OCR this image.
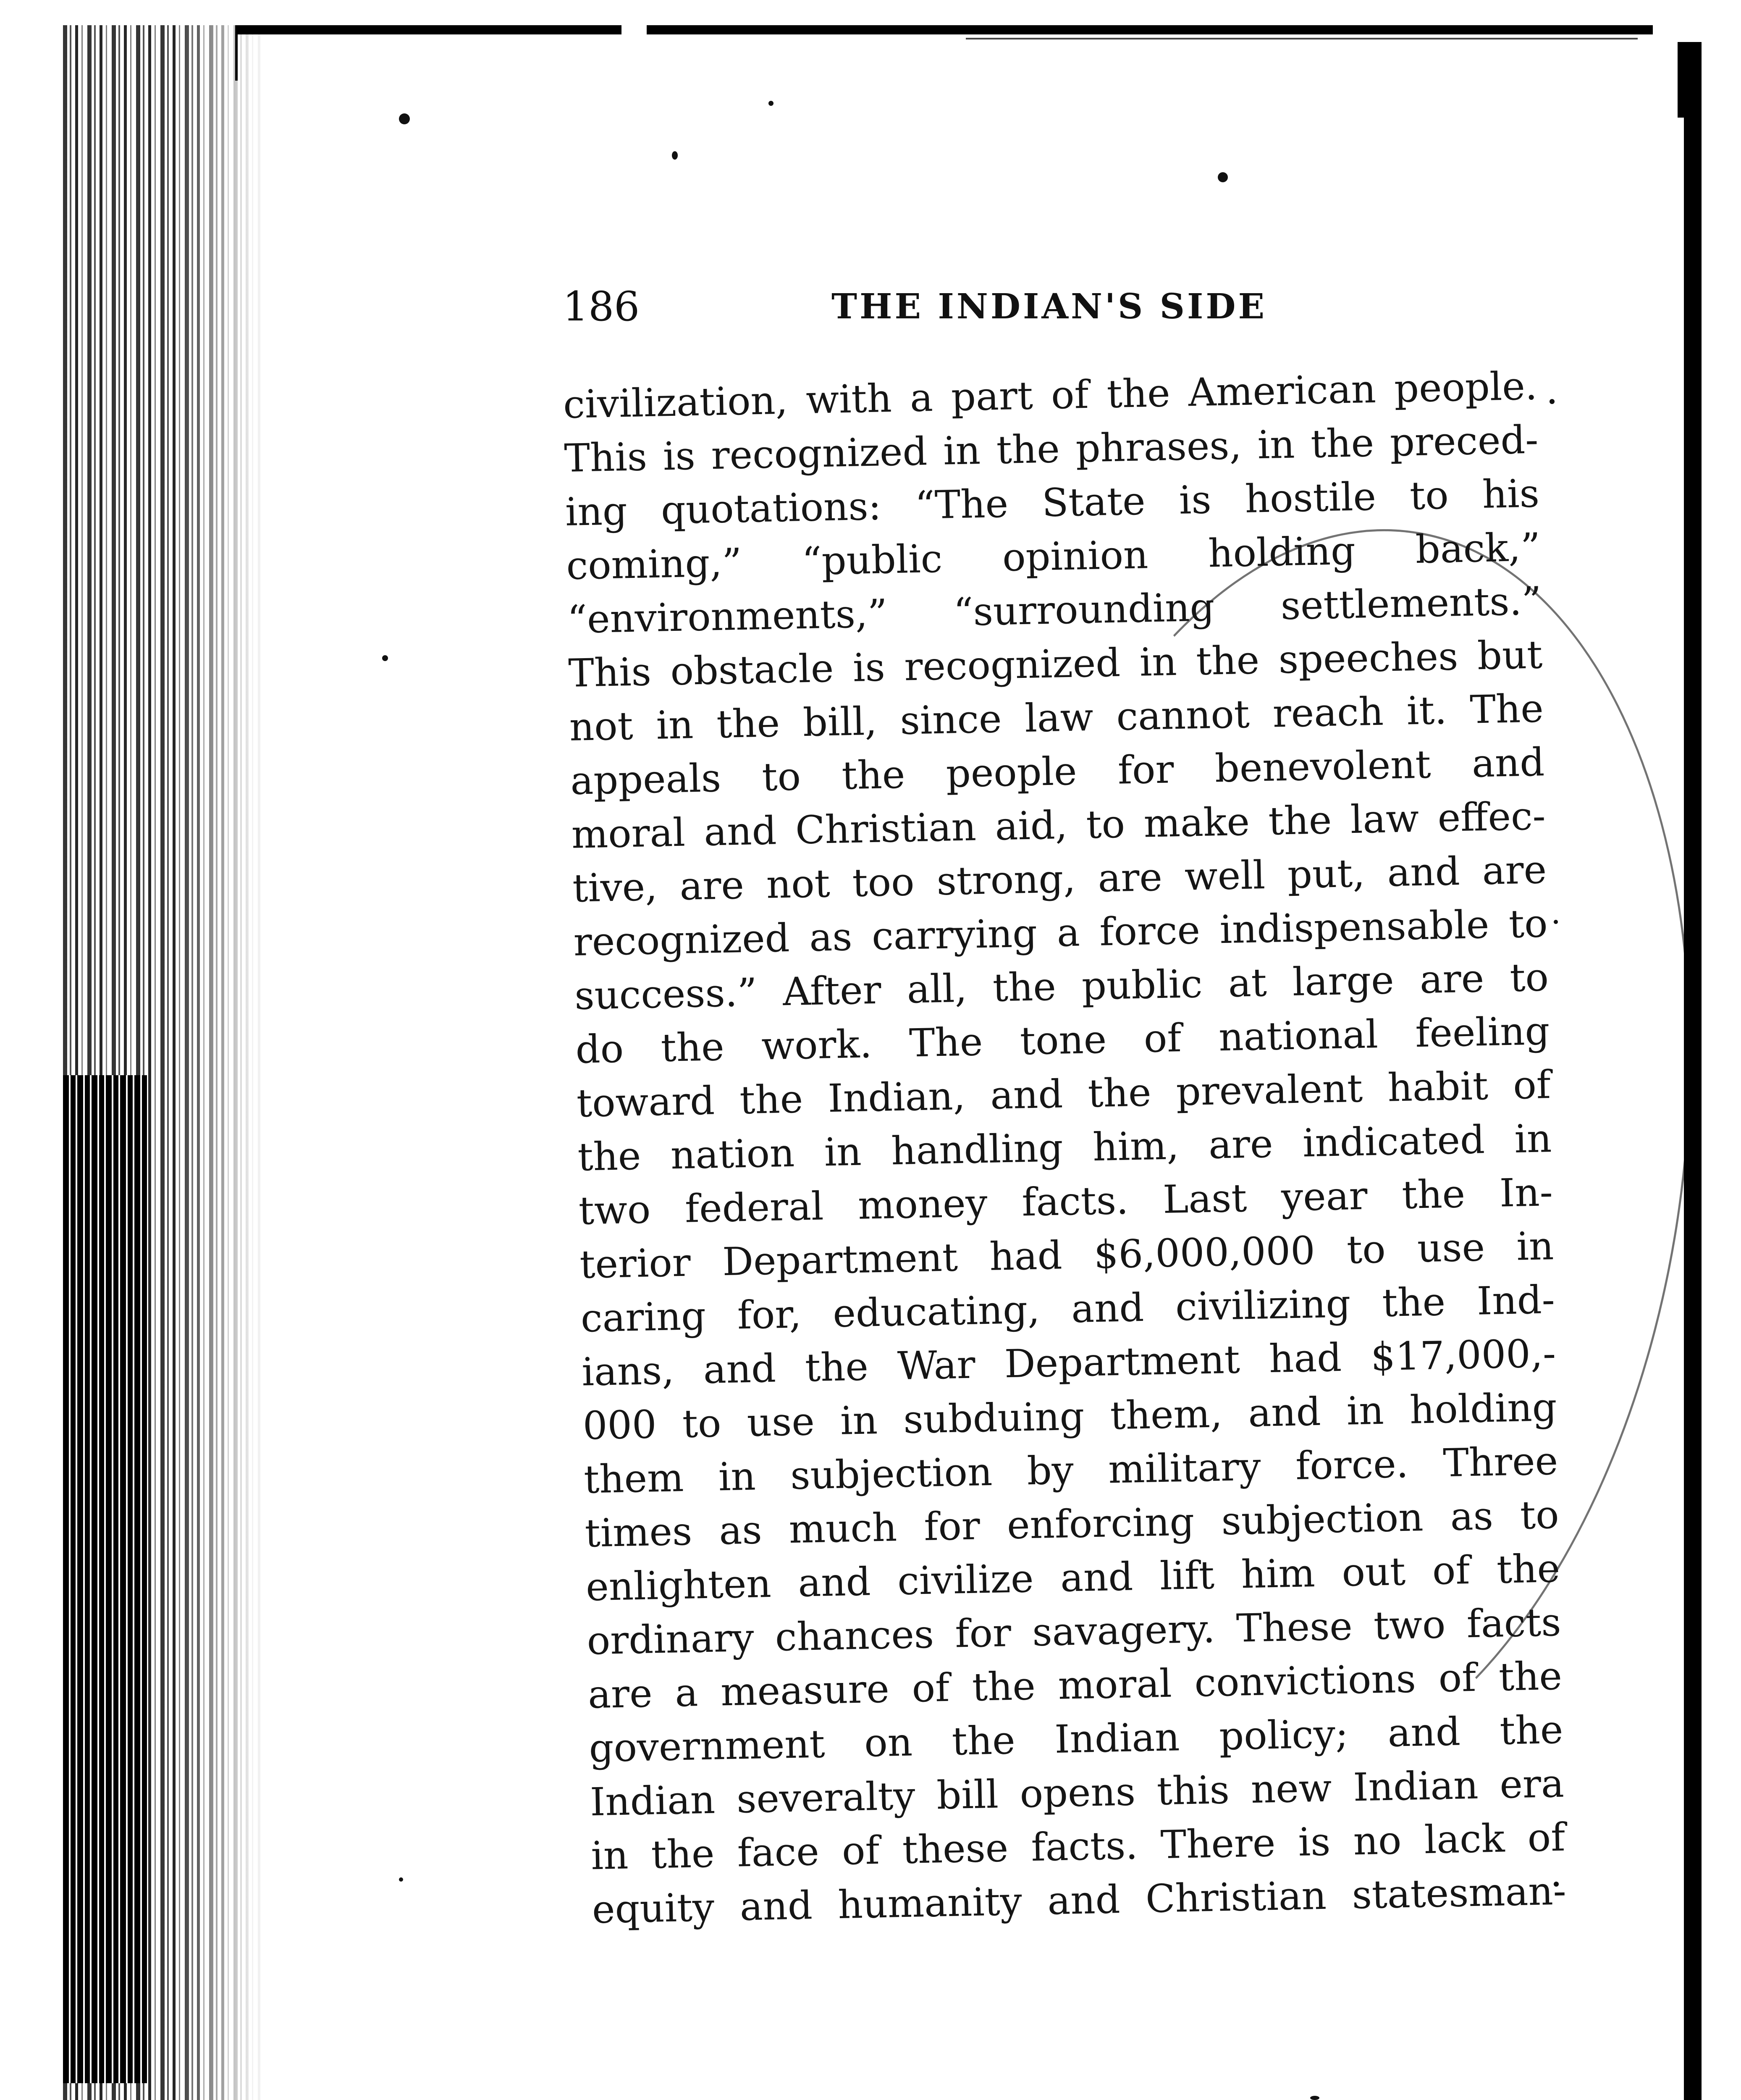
186	THE INDIAN'S SIDE
civilization, with a part of the American people.
This is recognized in the phrases, in the preced-
ing quotations: “The State is hostile to his
coming,” “public opinion holding back,”
“environments,” “surrounding settlements.”
This obstacle is recognized in the speeches but
not in the bill, since law cannot reach it. The
appeals to the people for benevolent and
moral and Christian aid, to make the law effec-
tive, are not too strong, are well put, and are
recognized as carrying a force indispensable to
success.” After all, the public at large are to
do the work. The tone of national feeling
toward the Indian, and the prevalent habit of
the nation in handling him, are indicated in
two federal money facts. Last year the In-
terior Department had $6,000,000 to use in
caring for, educating, and civilizing the Ind-
ians, and the War Department had $17,000,-
000 to use in subduing them, and in holding
them in subjection by military force. Three
times as much for enforcing subjection as to
enlighten and civilize and lift him out of the
ordinary chances for savagery. These two facts
are a measure of the moral convictions of the
government on the Indian policy; and the
Indian severalty bill opens this new Indian era
in the face of these facts. There is no lack of
equity and humanity and Christian statesman-
